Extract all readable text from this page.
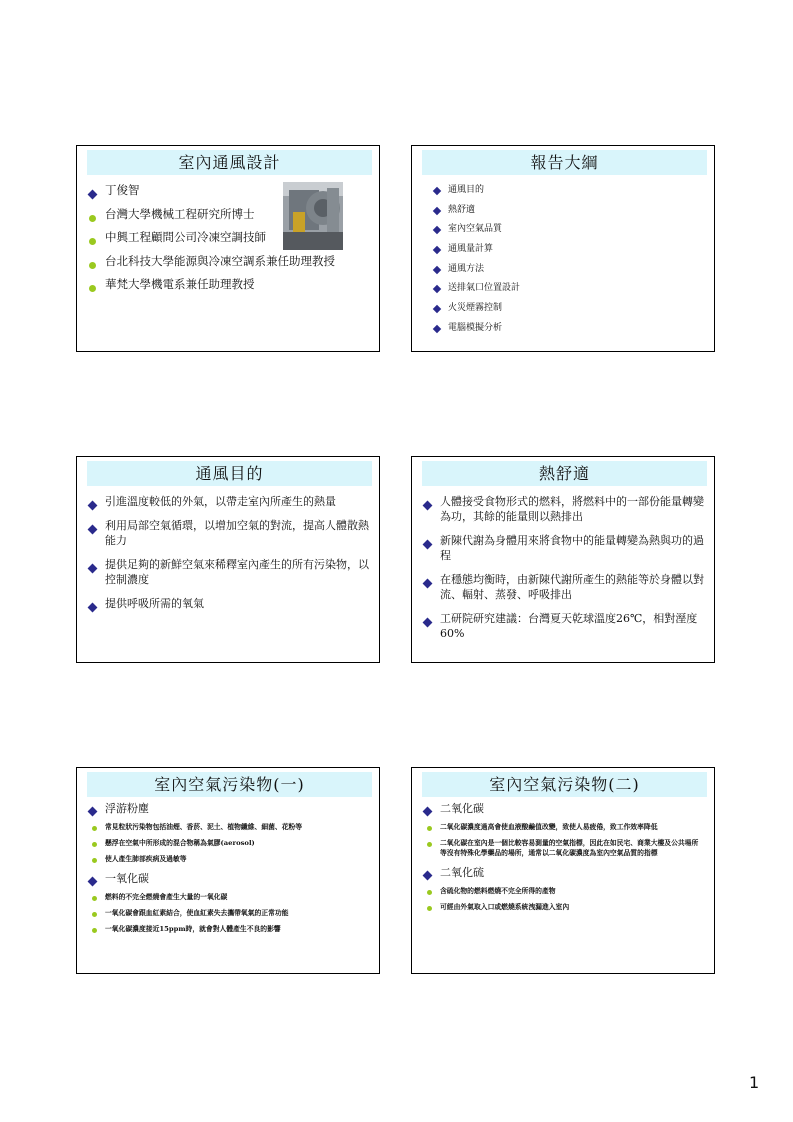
室內通風設計
丁俊智
台灣大學機械工程研究所博士
中興工程顧問公司冷凍空調技師
台北科技大學能源與冷凍空調系兼任助理教授
華梵大學機電系兼任助理教授
報告大綱
通風目的
熱舒適
室內空氣品質
通風量計算
通風方法
送排氣口位置設計
火災煙霧控制
電腦模擬分析
通風目的
引進溫度較低的外氣，以帶走室內所產生的熱量
利用局部空氣循環，以增加空氣的對流，提高人體散熱能力
提供足夠的新鮮空氣來稀釋室內產生的所有污染物，以控制濃度
提供呼吸所需的氧氣
熱舒適
人體接受食物形式的燃料，將燃料中的一部份能量轉變為功，其餘的能量則以熱排出
新陳代謝為身體用來將食物中的能量轉變為熱與功的過程
在穩態均衡時，由新陳代謝所產生的熱能等於身體以對流、輻射、蒸發、呼吸排出
工研院研究建議：台灣夏天乾球溫度26℃，相對溼度60%
室內空氣污染物(一)
浮游粉塵
常見粒狀污染物包括油煙、香菸、泥土、植物纖維、細菌、花粉等
懸浮在空氣中所形成的混合物稱為氣膠(aerosol)
使人產生肺部疾病及過敏等
一氧化碳
燃料的不完全燃燒會產生大量的一氧化碳
一氧化碳會跟血紅素結合，使血紅素失去攜帶氧氣的正常功能
一氧化碳濃度接近15ppm時，就會對人體產生不良的影響
室內空氣污染物(二)
二氧化碳
二氧化碳濃度過高會使血液酸鹼值改變，致使人易疲倦，致工作效率降低
二氧化碳在室內是一個比較容易測量的空氣指標，因此在如民宅、商業大樓及公共場所等沒有特殊化學藥品的場所，通常以二氧化碳濃度為室內空氣品質的指標
二氧化硫
含硫化物的燃料燃燒不完全所得的產物
可經由外氣取入口或燃燒系統洩漏進入室內
1
